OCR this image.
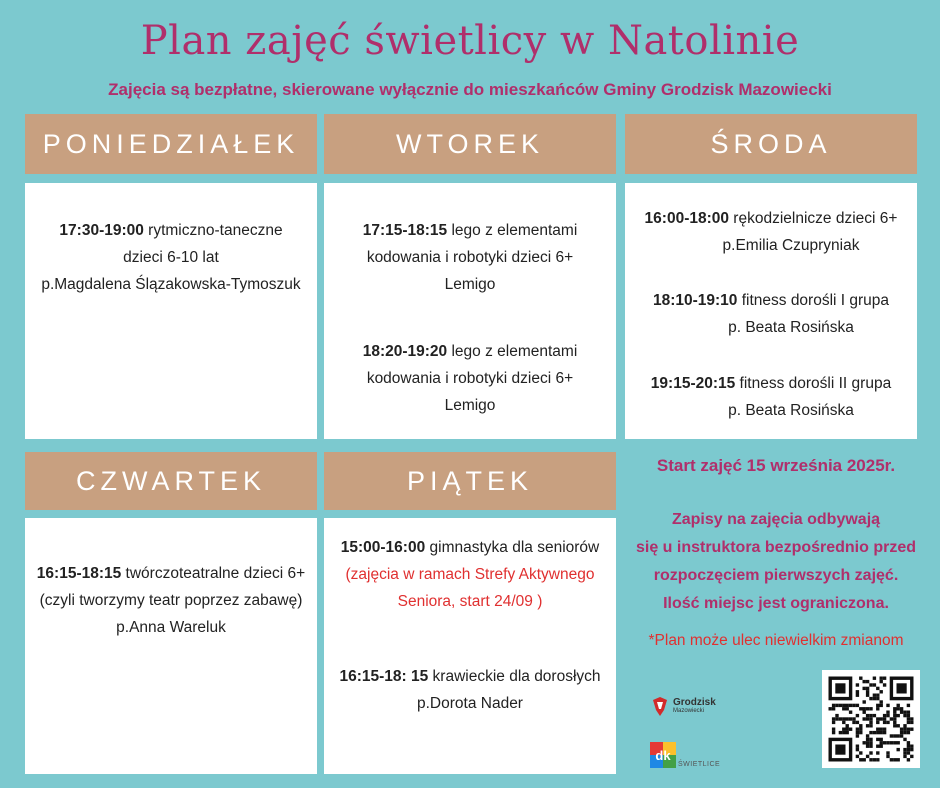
Plan zajęć świetlicy w Natolinie
Zajęcia są bezpłatne, skierowane wyłącznie do mieszkańców Gminy Grodzisk Mazowiecki
PONIEDZIAŁEK	WTOREK	ŚRODA
CZWARTEK	PIĄTEK
17:30-19:00 rytmiczno-taneczne
dzieci 6-10 lat
p.Magdalena Ślązakowska-Tymoszuk
17:15-18:15 lego z elementami
kodowania i robotyki dzieci 6+
Lemigo
18:20-19:20 lego z elementami
kodowania i robotyki dzieci 6+
Lemigo
16:00-18:00 rękodzielnicze dzieci 6+
p.Emilia Czupryniak
18:10-19:10 fitness dorośli I grupa
p. Beata Rosińska
19:15-20:15 fitness dorośli II grupa
p. Beata Rosińska
16:15-18:15 twórczoteatralne dzieci 6+
(czyli tworzymy teatr poprzez zabawę)
p.Anna Wareluk
15:00-16:00 gimnastyka dla seniorów
(zajęcia w ramach Strefy Aktywnego
Seniora, start 24/09 )
16:15-18: 15 krawieckie dla dorosłych
p.Dorota Nader
Start zajęć 15 września 2025r.
Zapisy na zajęcia odbywają
się u instruktora bezpośrednio przed
rozpoczęciem pierwszych zajęć.
Ilość miejsc jest ograniczona.
*Plan może ulec niewielkim zmianom
Grodzisk
Mazowiecki
dk
ŚWIETLICE
